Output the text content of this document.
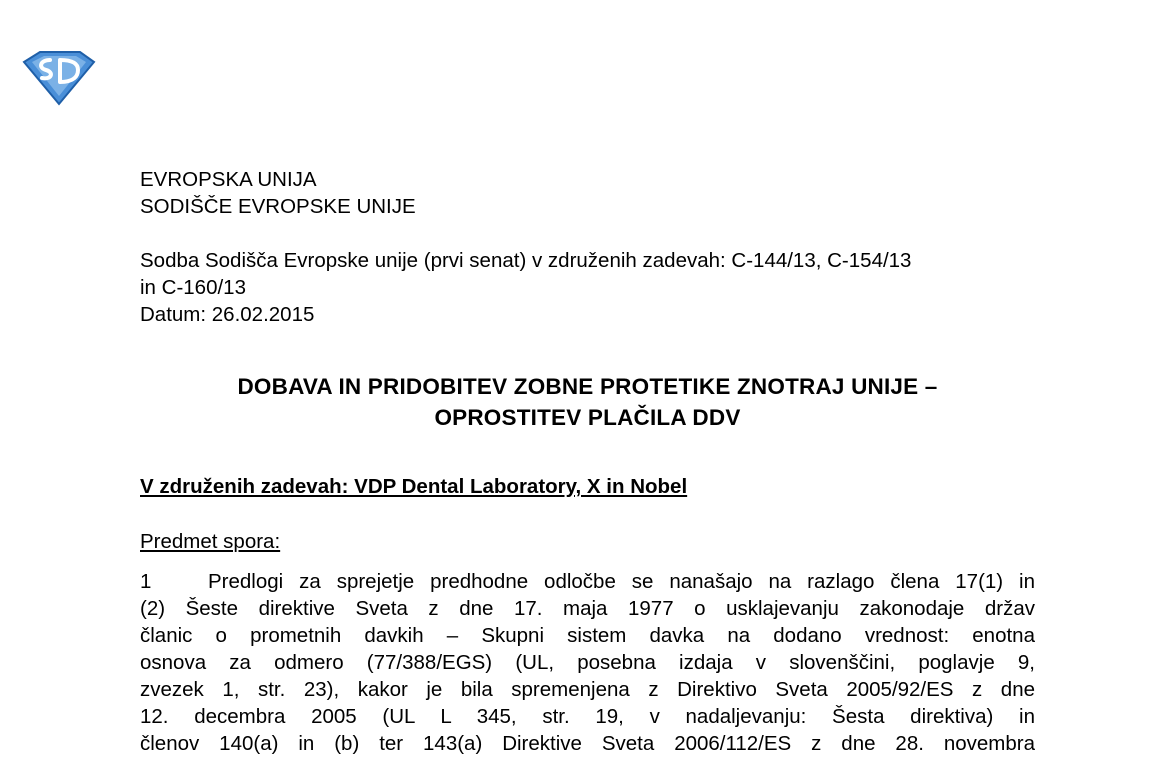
EVROPSKA UNIJA

SODIŠČE EVROPSKE UNIJE

Sodba Sodišča Evropske unije (prvi senat) v združenih zadevah: C-144/13, C-154/13

in C-160/13

Datum: 26.02.2015

DOBAVA IN PRIDOBITEV ZOBNE PROTETIKE ZNOTRAJ UNIJE –
OPROSTITEV PLAČILA DDV

V združenih zadevah: VDP Dental Laboratory, X in Nobel

Predmet spora:

1	Predlogi za sprejetje predhodne odločbe se nanašajo na razlago člena 17(1) in

(2) Šeste direktive Sveta z dne 17. maja 1977 o usklajevanju zakonodaje držav

članic o prometnih davkih – Skupni sistem davka na dodano vrednost: enotna

osnova za odmero (77/388/EGS) (UL, posebna izdaja v slovenščini, poglavje 9,

zvezek 1, str. 23), kakor je bila spremenjena z Direktivo Sveta 2005/92/ES z dne

12. decembra 2005 (UL L 345, str. 19, v nadaljevanju: Šesta direktiva) in

členov 140(a) in (b) ter 143(a) Direktive Sveta 2006/112/ES z dne 28. novembra
